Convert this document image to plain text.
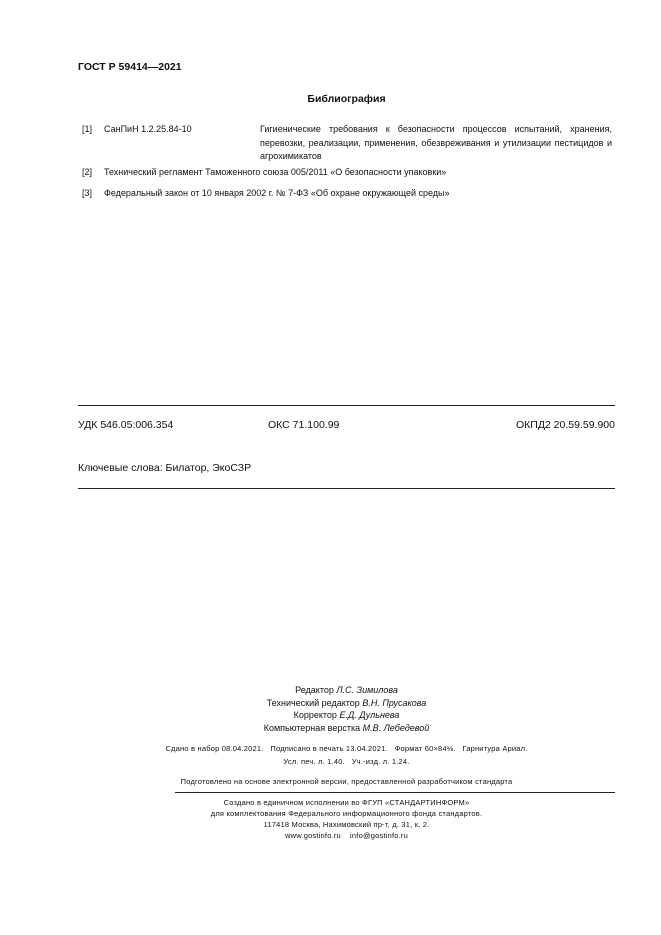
ГОСТ Р 59414—2021
Библиография
[1] СанПиН 1.2.25.84-10	Гигиенические требования к безопасности процессов испытаний, хранения, перевозки, реализации, применения, обезвреживания и утилизации пестицидов и агрохимикатов
[2] Технический регламент Таможенного союза 005/2011 «О безопасности упаковки»
[3] Федеральный закон от 10 января 2002 г. № 7-ФЗ «Об охране окружающей среды»
УДК 546.05:006.354	ОКС 71.100.99	ОКПД2 20.59.59.900
Ключевые слова: Билатор, ЭкоСЗР
Редактор Л.С. Зимилова
Технический редактор В.Н. Прусакова
Корректор Е.Д. Дульнева
Компьютерная верстка М.В. Лебедевой
Сдано в набор 08.04.2021.   Подписано в печать 13.04.2021.   Формат 60×84⅛.   Гарнитура Ариал.
Усл. печ. л. 1.40.   Уч.-изд. л. 1.24.
Подготовлено на основе электронной версии, предоставленной разработчиком стандарта
Создано в единичном исполнении во ФГУП «СТАНДАРТИНФОРМ»
для комплектования Федерального информационного фонда стандартов.
117418 Москва, Нахимовский пр-т, д. 31, к. 2.
www.gostinfo.ru    info@gostinfo.ru
